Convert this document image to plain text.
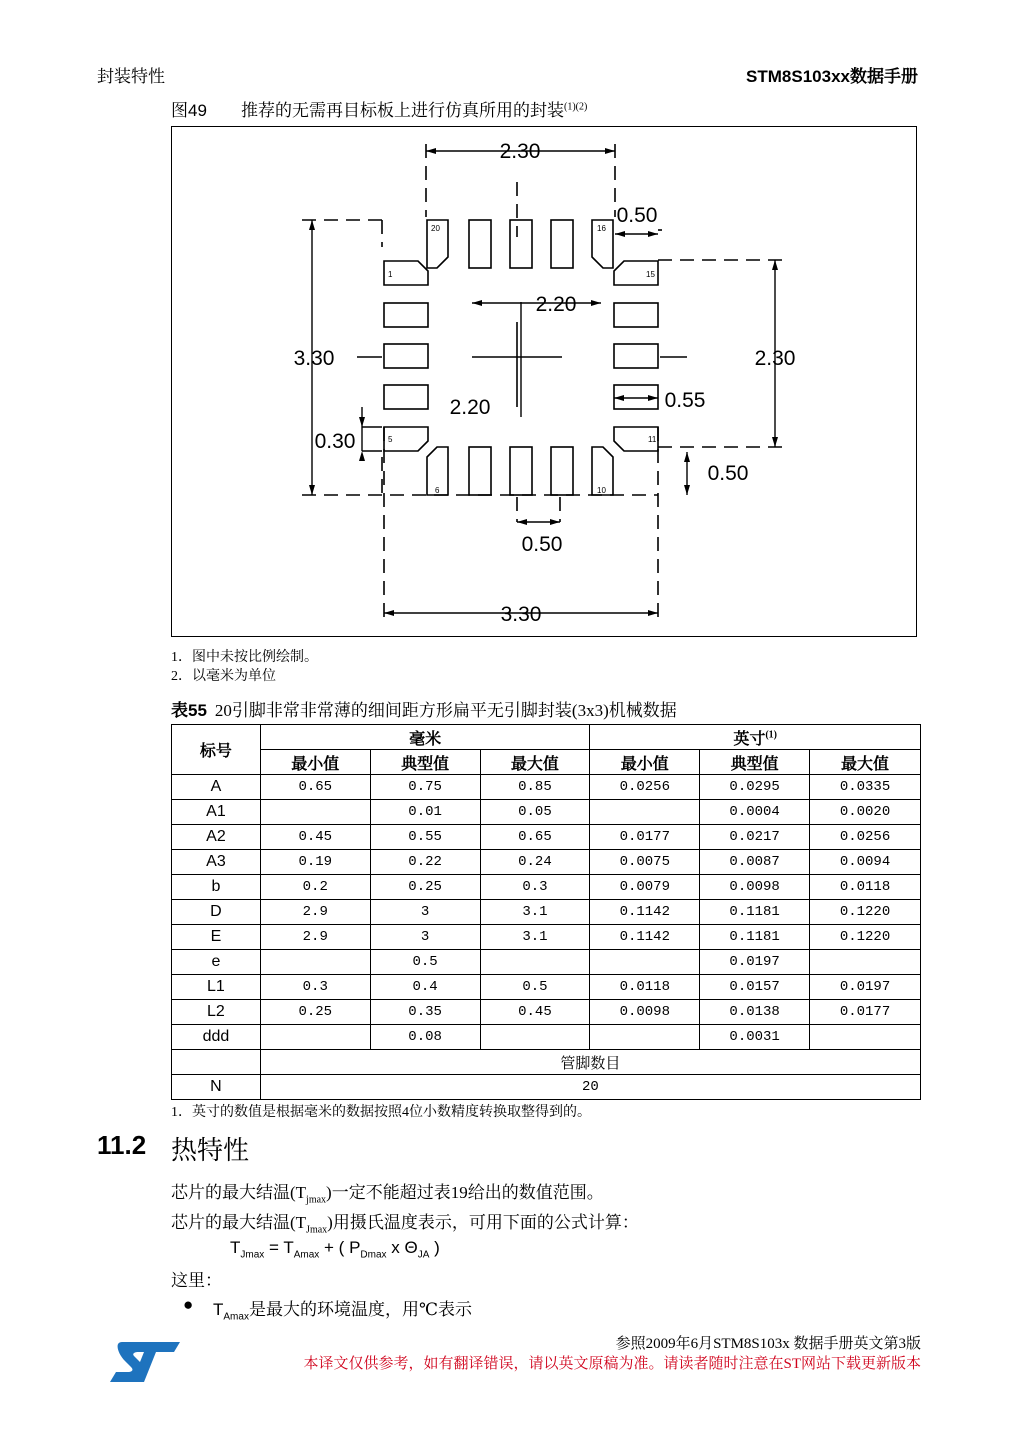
封装特性	STM8S103xx数据手册
图49 推荐的无需再目标板上进行仿真所用的封装$^{(1)(2)}$
2.30
0.50
2.20
3.30	2.30
0.55
2.20
0.30
0.50
0.50
3.30
20	16
1	15
5	11
6	10
1．图中未按比例绘制。
2．以毫米为单位
表55 20引脚非常非常薄的细间距方形扁平无引脚封装(3x3)机械数据
标号	毫米			英寸$^{(1)}$
	最小值	典型值	最大值	最小值	典型值	最大值
A	0.65	0.75	0.85	0.0256	0.0295	0.0335
A1		0.01	0.05		0.0004	0.0020
A2	0.45	0.55	0.65	0.0177	0.0217	0.0256
A3	0.19	0.22	0.24	0.0075	0.0087	0.0094
b	0.2	0.25	0.3	0.0079	0.0098	0.0118
D	2.9	3	3.1	0.1142	0.1181	0.1220
E	2.9	3	3.1	0.1142	0.1181	0.1220
e		0.5			0.0197	
L1	0.3	0.4	0.5	0.0118	0.0157	0.0197
L2	0.25	0.35	0.45	0.0098	0.0138	0.0177
ddd		0.08			0.0031	
	管脚数目					
N	20					
1．英寸的数值是根据毫米的数据按照4位小数精度转换取整得到的。
11.2 热特性
芯片的最大结温$(T_{jmax})$一定不能超过表19给出的数值范围。
芯片的最大结温$(T_{Jmax})$用摄氏温度表示，可用下面的公式计算：
$T_{Jmax} = T_{Amax}$ + ( $P_{Dmax}$ x $\Theta_{JA}$ )
这里：
● $T_{Amax}$是最大的环境温度，用℃表示
参照2009年6月STM8S103x 数据手册英文第3版
本译文仅供参考，如有翻译错误，请以英文原稿为准。请读者随时注意在ST网站下载更新版本
